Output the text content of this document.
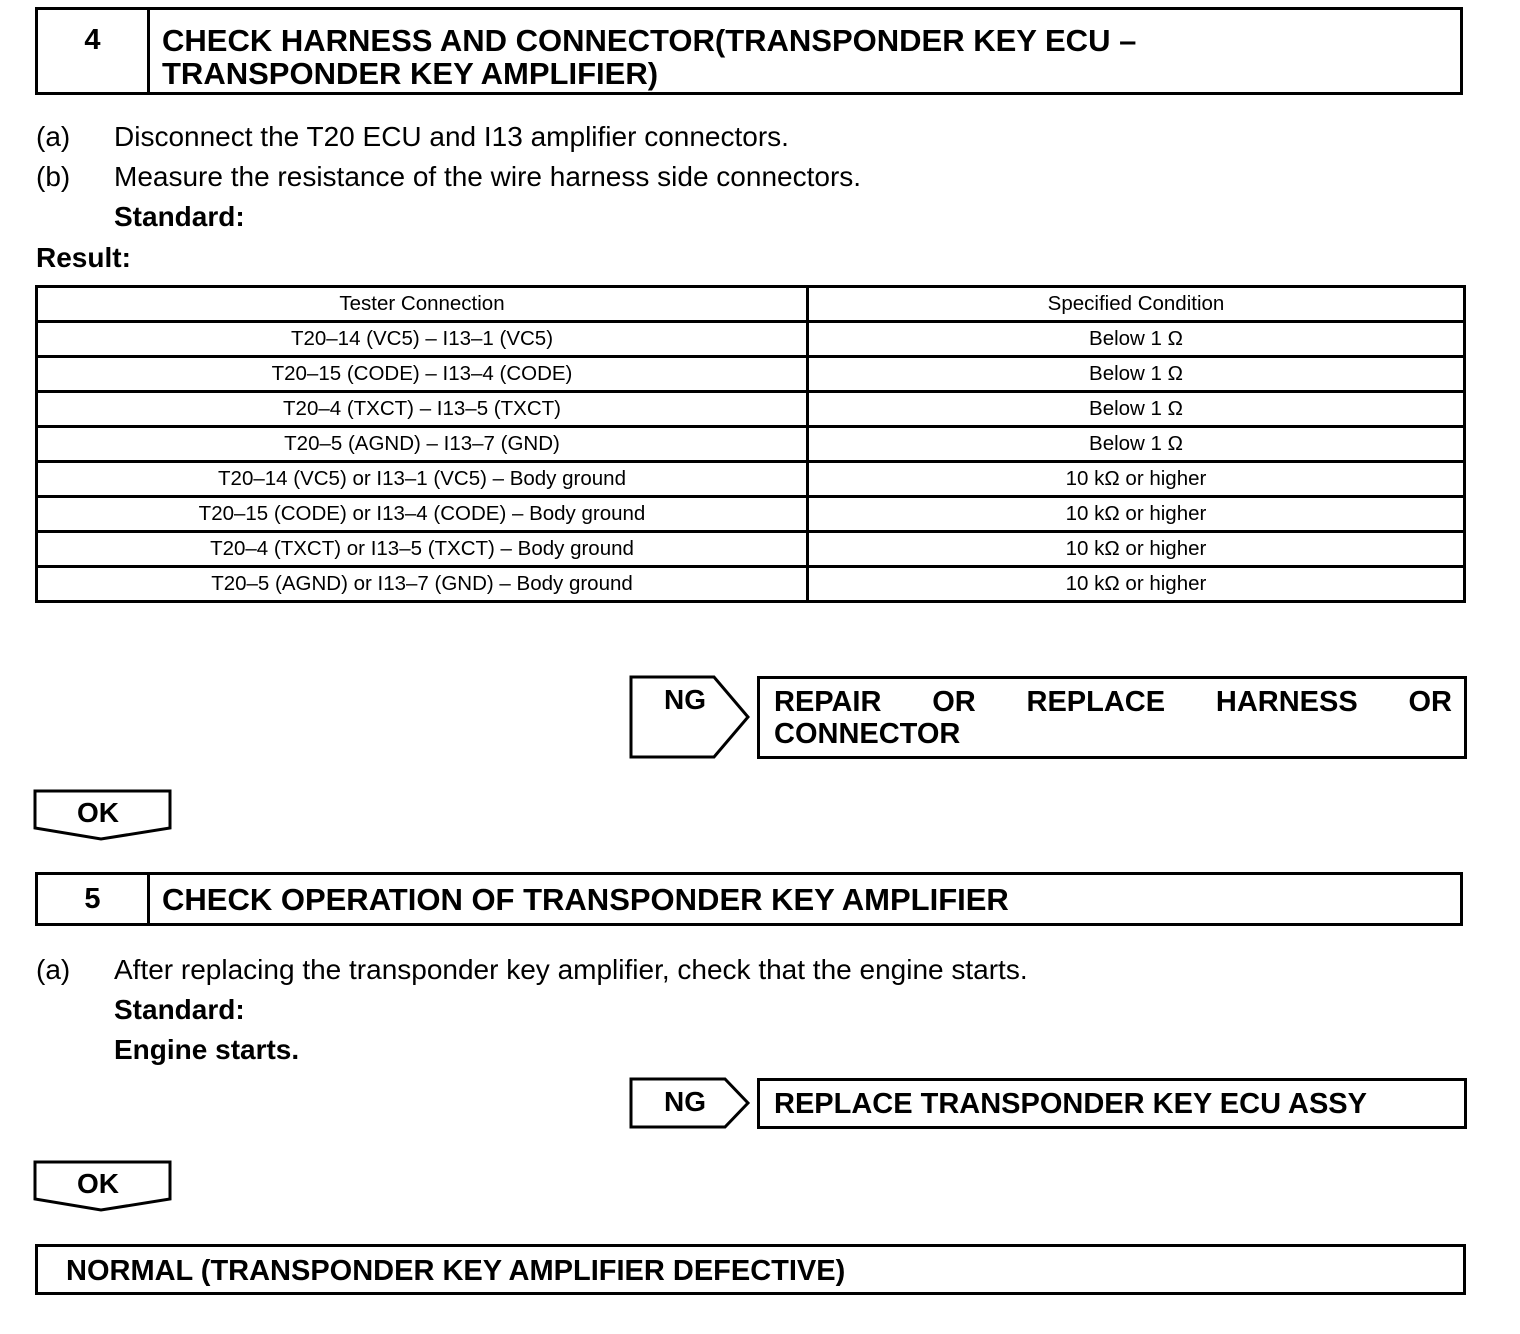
4	CHECK HARNESS AND CONNECTOR(TRANSPONDER KEY ECU –
TRANSPONDER KEY AMPLIFIER)
(a) Disconnect the T20 ECU and I13 amplifier connectors.
(b) Measure the resistance of the wire harness side connectors.
Standard:
Result:
Tester Connection	Specified Condition
T20–14 (VC5) – I13–1 (VC5)	Below 1 Ω
T20–15 (CODE) – I13–4 (CODE)	Below 1 Ω
T20–4 (TXCT) – I13–5 (TXCT)	Below 1 Ω
T20–5 (AGND) – I13–7 (GND)	Below 1 Ω
T20–14 (VC5) or I13–1 (VC5) – Body ground	10 kΩ or higher
T20–15 (CODE) or I13–4 (CODE) – Body ground	10 kΩ or higher
T20–4 (TXCT) or I13–5 (TXCT) – Body ground	10 kΩ or higher
T20–5 (AGND) or I13–7 (GND) – Body ground	10 kΩ or higher
NG REPAIR OR REPLACE HARNESS OR
CONNECTOR
OK
5	CHECK OPERATION OF TRANSPONDER KEY AMPLIFIER
(a) After replacing the transponder key amplifier, check that the engine starts.
Standard:
Engine starts.
NG REPLACE TRANSPONDER KEY ECU ASSY
OK
NORMAL (TRANSPONDER KEY AMPLIFIER DEFECTIVE)
